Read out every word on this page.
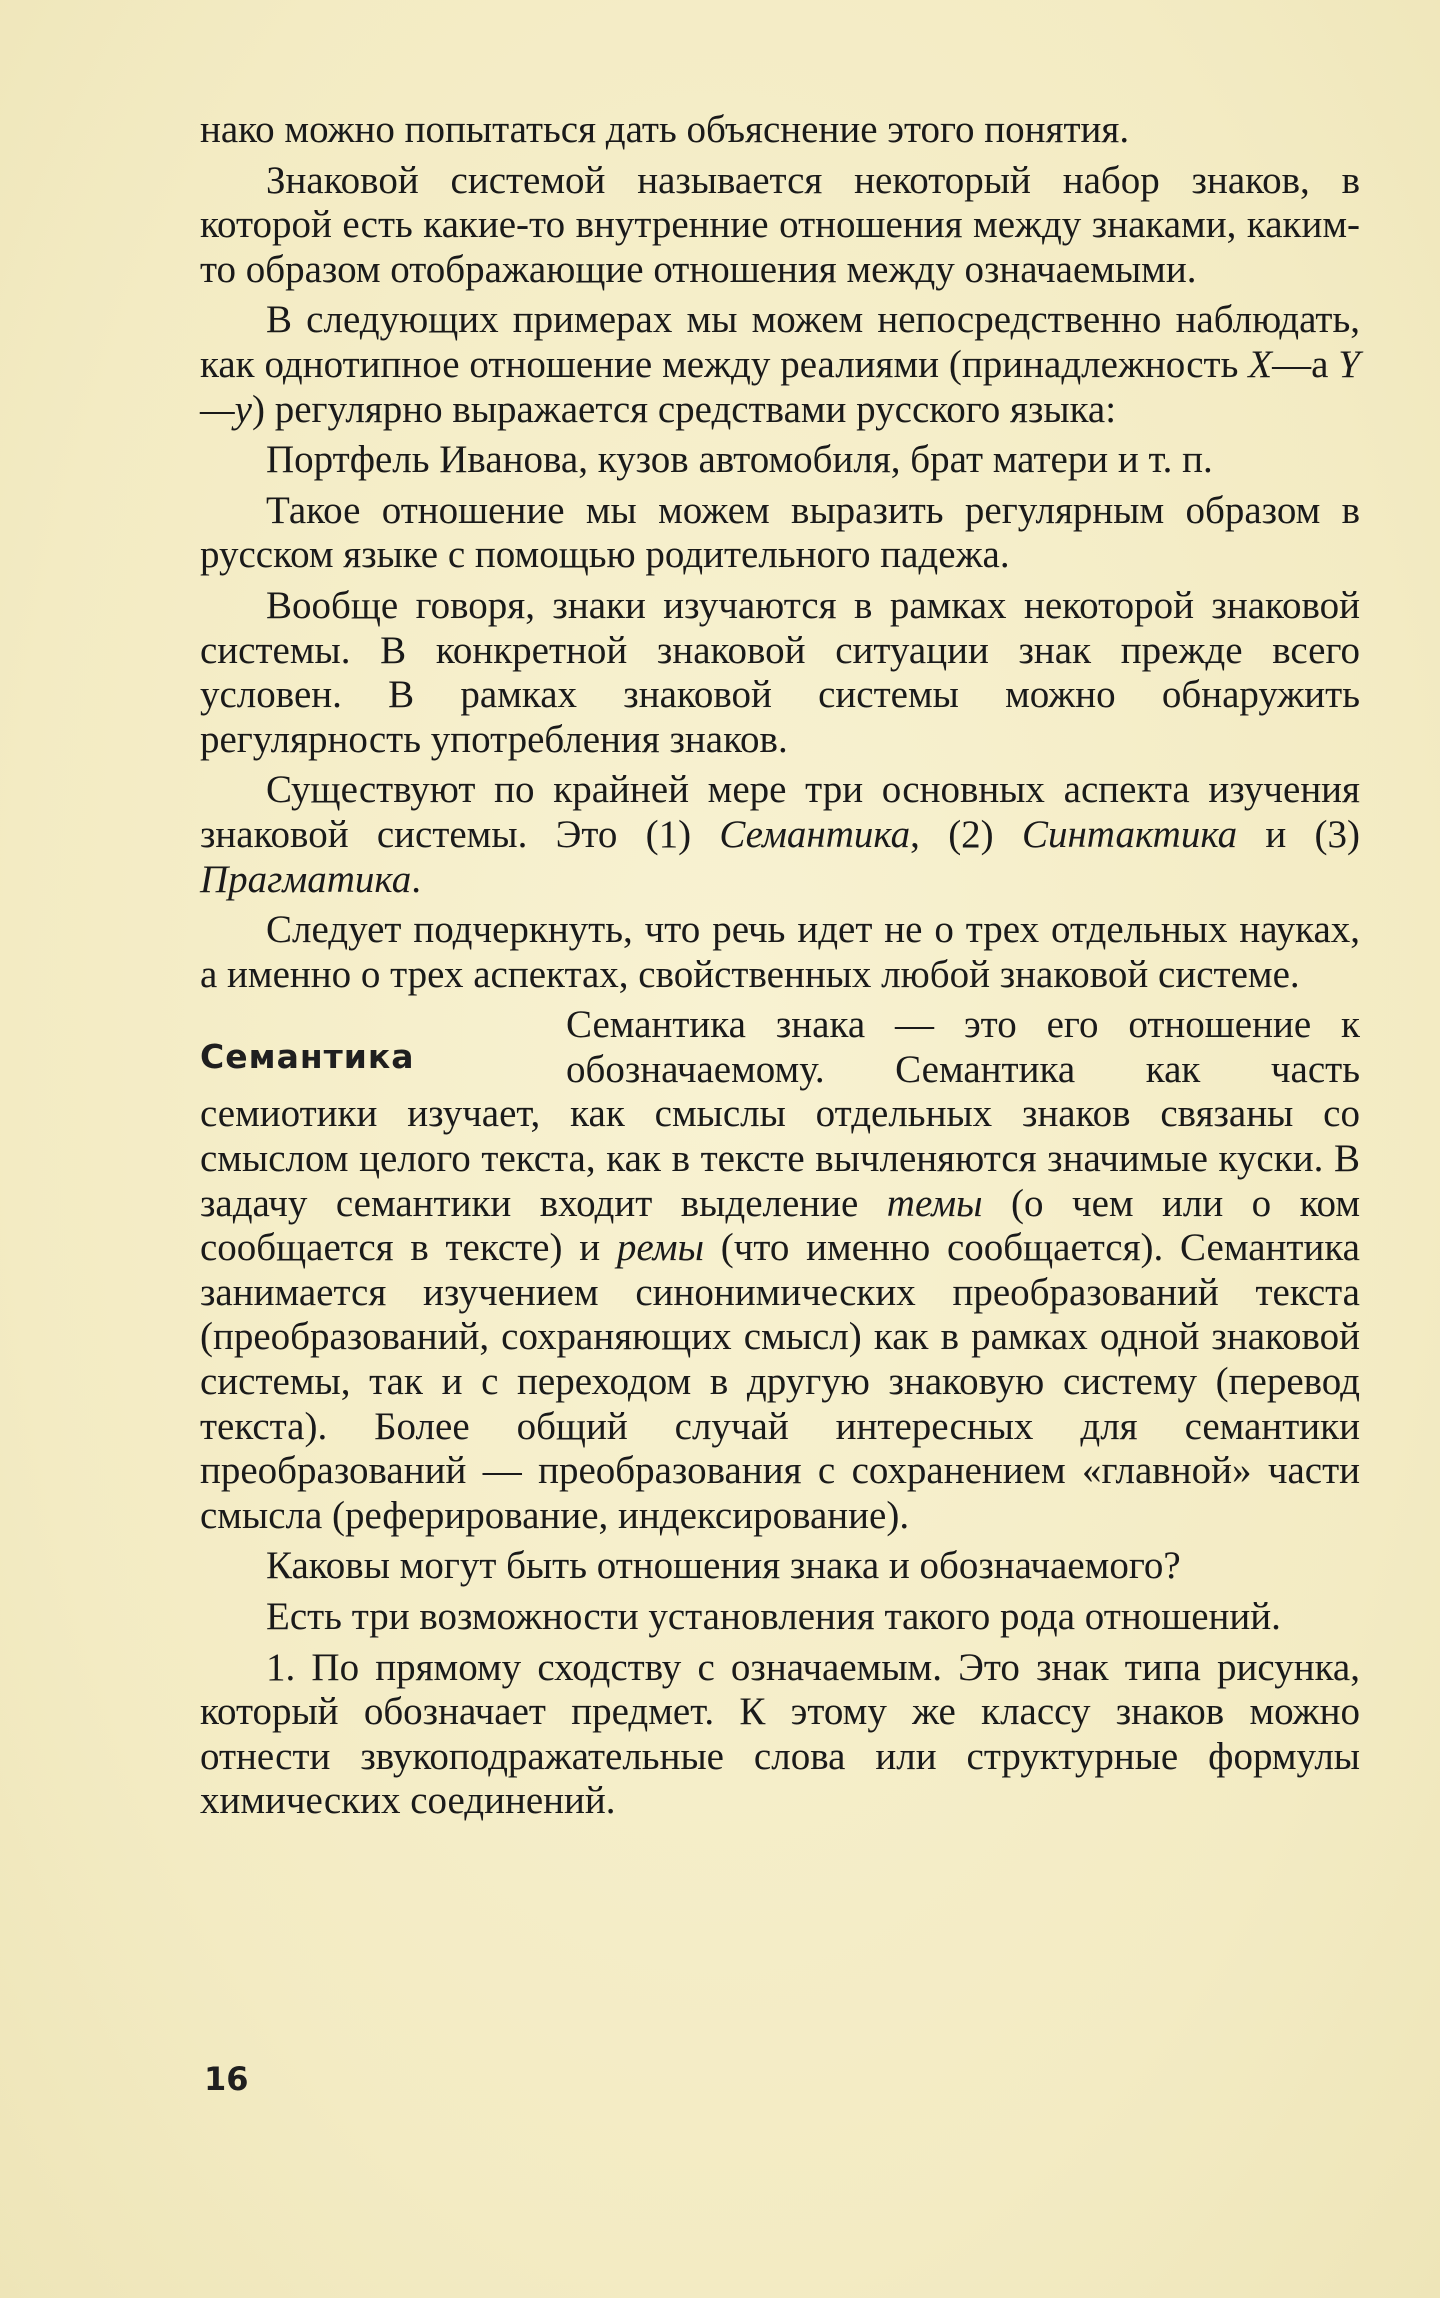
нако можно попытаться дать объяснение этого понятия.

Знаковой системой называется некоторый набор знаков, в которой есть какие-то внутренние отношения между знаками, каким-то образом отображающие отношения между означаемыми.

В следующих примерах мы можем непосредственно наблюдать, как однотипное отношение между реалиями (принадлежность X—а Y—y) регулярно выражается средствами русского языка:

Портфель Иванова, кузов автомобиля, брат матери и т. п.

Такое отношение мы можем выразить регулярным образом в русском языке с помощью родительного падежа.

Вообще говоря, знаки изучаются в рамках некоторой знаковой системы. В конкретной знаковой ситуации знак прежде всего условен. В рамках знаковой системы можно обнаружить регулярность употребления знаков.

Существуют по крайней мере три основных аспекта изучения знаковой системы. Это (1) Семантика, (2) Синтактика и (3) Прагматика.

Следует подчеркнуть, что речь идет не о трех отдельных науках, а именно о трех аспектах, свойственных любой знаковой системе.

Семантика

Семантика знака — это его отношение к обозначаемому. Семантика как часть семиотики изучает, как смыслы отдельных знаков связаны со смыслом целого текста, как в тексте вычленяются значимые куски. В задачу семантики входит выделение темы (о чем или о ком сообщается в тексте) и ремы (что именно сообщается). Семантика занимается изучением синонимических преобразований текста (преобразований, сохраняющих смысл) как в рамках одной знаковой системы, так и с переходом в другую знаковую систему (перевод текста). Более общий случай интересных для семантики преобразований — преобразования с сохранением «главной» части смысла (реферирование, индексирование).

Каковы могут быть отношения знака и обозначаемого?

Есть три возможности установления такого рода отношений.

1. По прямому сходству с означаемым. Это знак типа рисунка, который обозначает предмет. К этому же классу знаков можно отнести звукоподражательные слова или структурные формулы химических соединений.

16
